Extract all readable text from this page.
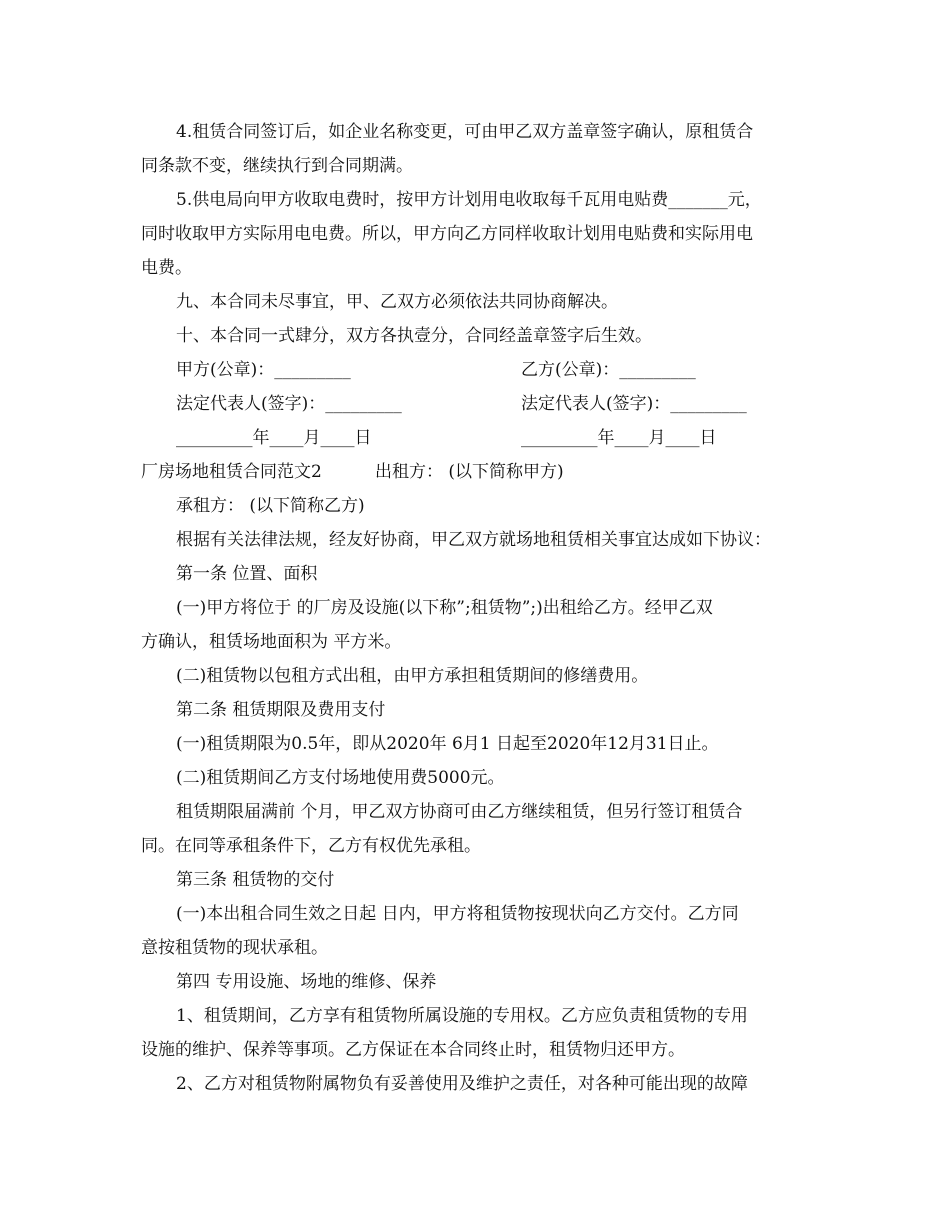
4.租赁合同签订后，如企业名称变更，可由甲乙双方盖章签字确认，原租赁合
同条款不变，继续执行到合同期满。
5.供电局向甲方收取电费时，按甲方计划用电收取每千瓦用电贴费_______元，
同时收取甲方实际用电电费。所以，甲方向乙方同样收取计划用电贴费和实际用电
电费。
九、本合同未尽事宜，甲、乙双方必须依法共同协商解决。
十、本合同一式肆分，双方各执壹分，合同经盖章签字后生效。
甲方(公章)：_________	乙方(公章)：_________
法定代表人(签字)：_________	法定代表人(签字)：_________
_________年____月____日	_________年____月____日
厂房场地租赁合同范文2	出租方： (以下简称甲方)
承租方： (以下简称乙方)
根据有关法律法规，经友好协商，甲乙双方就场地租赁相关事宜达成如下协议：
第一条 位置、面积
(一)甲方将位于 的厂房及设施(以下称”;租赁物”;)出租给乙方。经甲乙双
方确认，租赁场地面积为 平方米。
(二)租赁物以包租方式出租，由甲方承担租赁期间的修缮费用。
第二条 租赁期限及费用支付
(一)租赁期限为0.5年，即从2020年 6月1 日起至2020年12月31日止。
(二)租赁期间乙方支付场地使用费5000元。
租赁期限届满前 个月，甲乙双方协商可由乙方继续租赁，但另行签订租赁合
同。在同等承租条件下，乙方有权优先承租。
第三条 租赁物的交付
(一)本出租合同生效之日起 日内，甲方将租赁物按现状向乙方交付。乙方同
意按租赁物的现状承租。
第四 专用设施、场地的维修、保养
1、租赁期间，乙方享有租赁物所属设施的专用权。乙方应负责租赁物的专用
设施的维护、保养等事项。乙方保证在本合同终止时，租赁物归还甲方。
2、乙方对租赁物附属物负有妥善使用及维护之责任，对各种可能出现的故障
